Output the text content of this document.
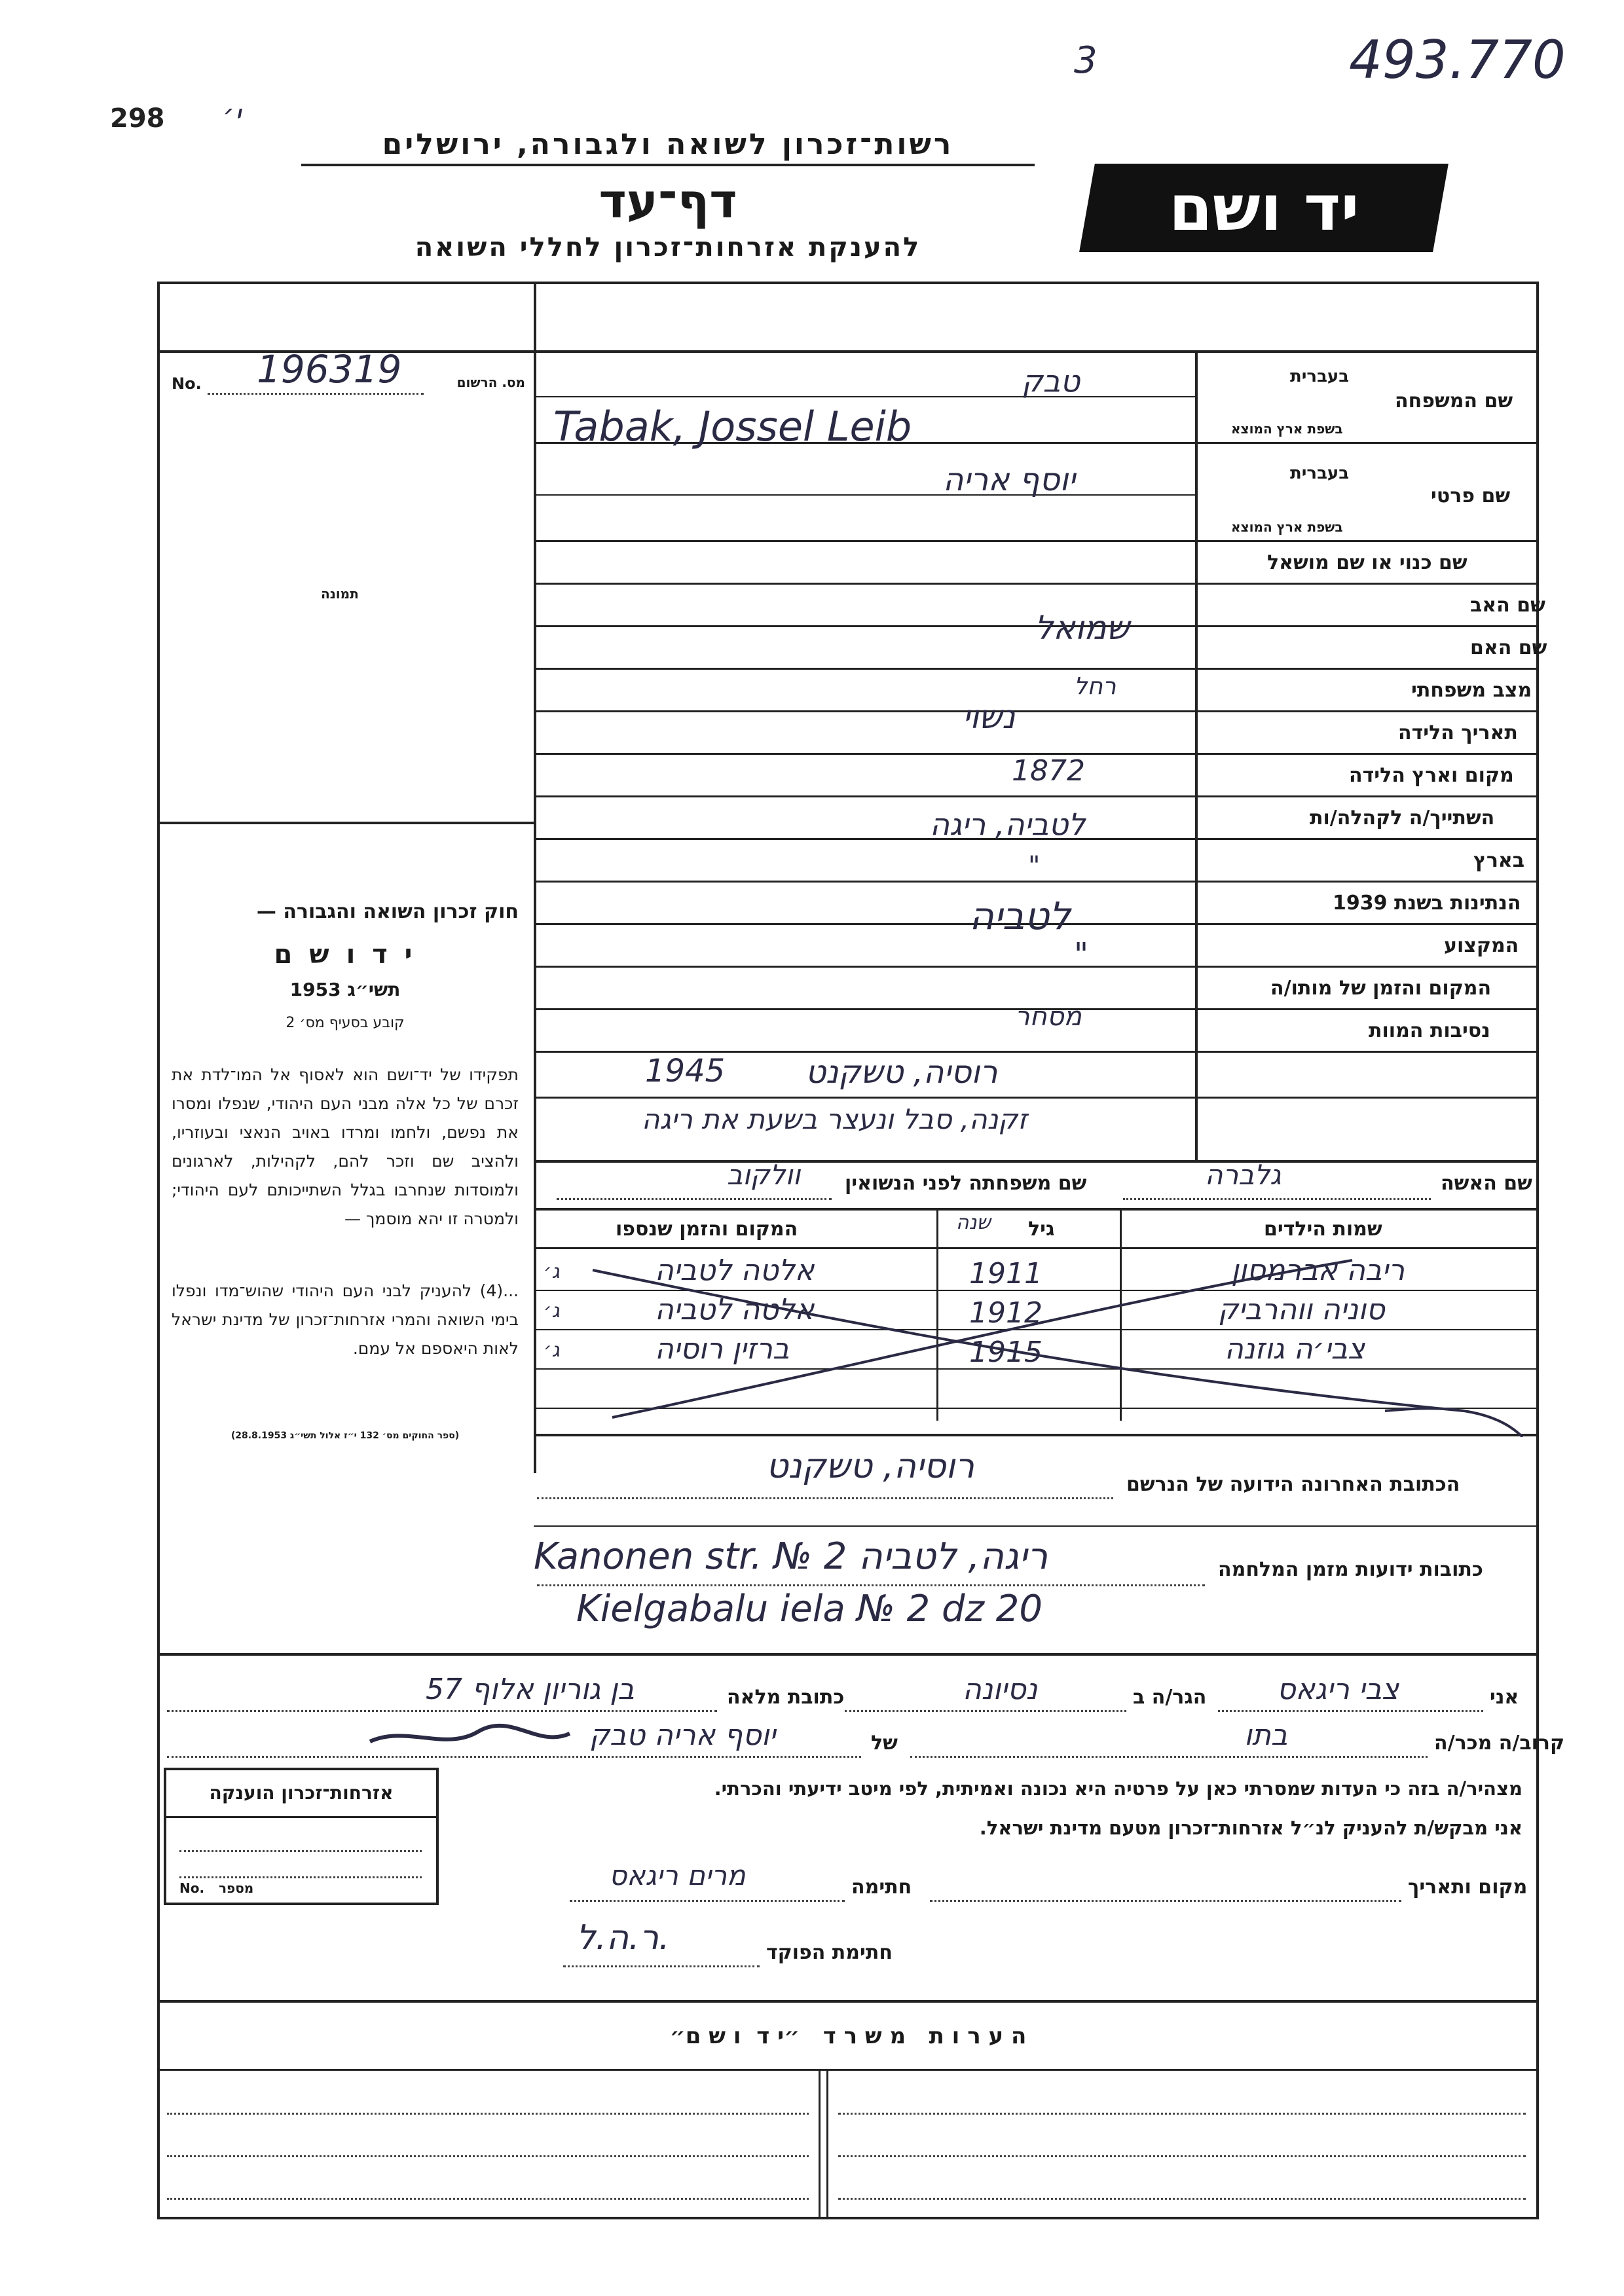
298 י׳
3	493.770
רשות־זכרון לשואה ולגבורה, ירושלים
דף־עד
להענקת אזרחות־זכרון לחללי השואה
יד ושם
No. 196319	מס. הרשום
תמונה
חוק זכרון השואה והגבורה —
י ד ו ש ם
תשי״ג 1953
קובע בסעיף מס׳ 2
תפקידו של יד־ושם הוא לאסוף אל המו־לדת את זכרם של כל אלה מבני העם היהודי, שנפלו ומסרו את נפשם, ולחמו ומרדו באויב הנאצי ובעוזריו, ולהציב שם וזכר להם, לקהילות, לארגונים ולמוסדות שנחרבו בגלל השתייכותם לעם היהודי; ולמטרה זו יהא מוסמך —
...(4) להעניק לבני העם היהודי שהוש־מדו ונפלו בימי השואה והמרי אזרחות־זכרון של מדינת ישראל לאות היאספם אל עמם.
(ספר החוקים מס׳ 132 י״ז אלול תשי״ג 28.8.1953)
בעברית
שם המשפחה
בשפת ארץ המוצא
בעברית
שם פרטי
בשפת ארץ המוצא
שם כנוי או שם מושאל
שם האב
שם האם
מצב משפחתי
תאריך הלידה
מקום וארץ הלידה
השתייך/ה לקהלה/ות
בארץ
הנתינות בשנת 1939
המקצוע
המקום והזמן של מותו/ה
נסיבות המוות
טבק
Tabak, Jossel Leib
יוסף אריה
שמואל
רחל
נשוי
1872
לטביה, ריגה
"
לטביה
"
מסחר
רוסיה, טשקנט
1945
זקנה, סבל ונעצר בשעת את ריגה
שם האשה
גלברה
שם משפחתה לפני הנשואין
וולקוב
שמות הילדים
גיל
שנה
המקום והזמן שנספו
ריבה אברמסון
1911
אלטה לטביה
ג׳
סוניה ווהרביק
1912
אלטה לטביה
ג׳
צבי׳ה גוזנה
1915
ברזין רוסיה
ג׳
הכתובת האחרונה הידועה של הנרשם
רוסיה, טשקנט
כתובות ידועות מזמן המלחמה
Kanonen str. № 2 ריגה, לטביה
Kielgabalu iela № 2 dz 20
אני
צבי ריגאס
הגר/ה ב
נסיונה
כתובת מלאה
בן גוריון אלוף 57
קרוב/ה מכר/ה
בתו
של
יוסף אריה טבק
מצהיר/ה בזה כי העדות שמסרתי כאן על פרטיה היא נכונה ואמיתית, לפי מיטב ידיעתי והכרתי.
אני מבקש/ת להעניק לנ״ל אזרחות־זכרון מטעם מדינת ישראל.
מקום ותאריך
חתימה
מרים ריגאס
חתימת הפוקד
ר.ה.ל.
אזרחות־זכרון הוענקה
No. מספר
ה ע ר ו ת   מ ש ר ד   ״י ד  ו ש ם״
